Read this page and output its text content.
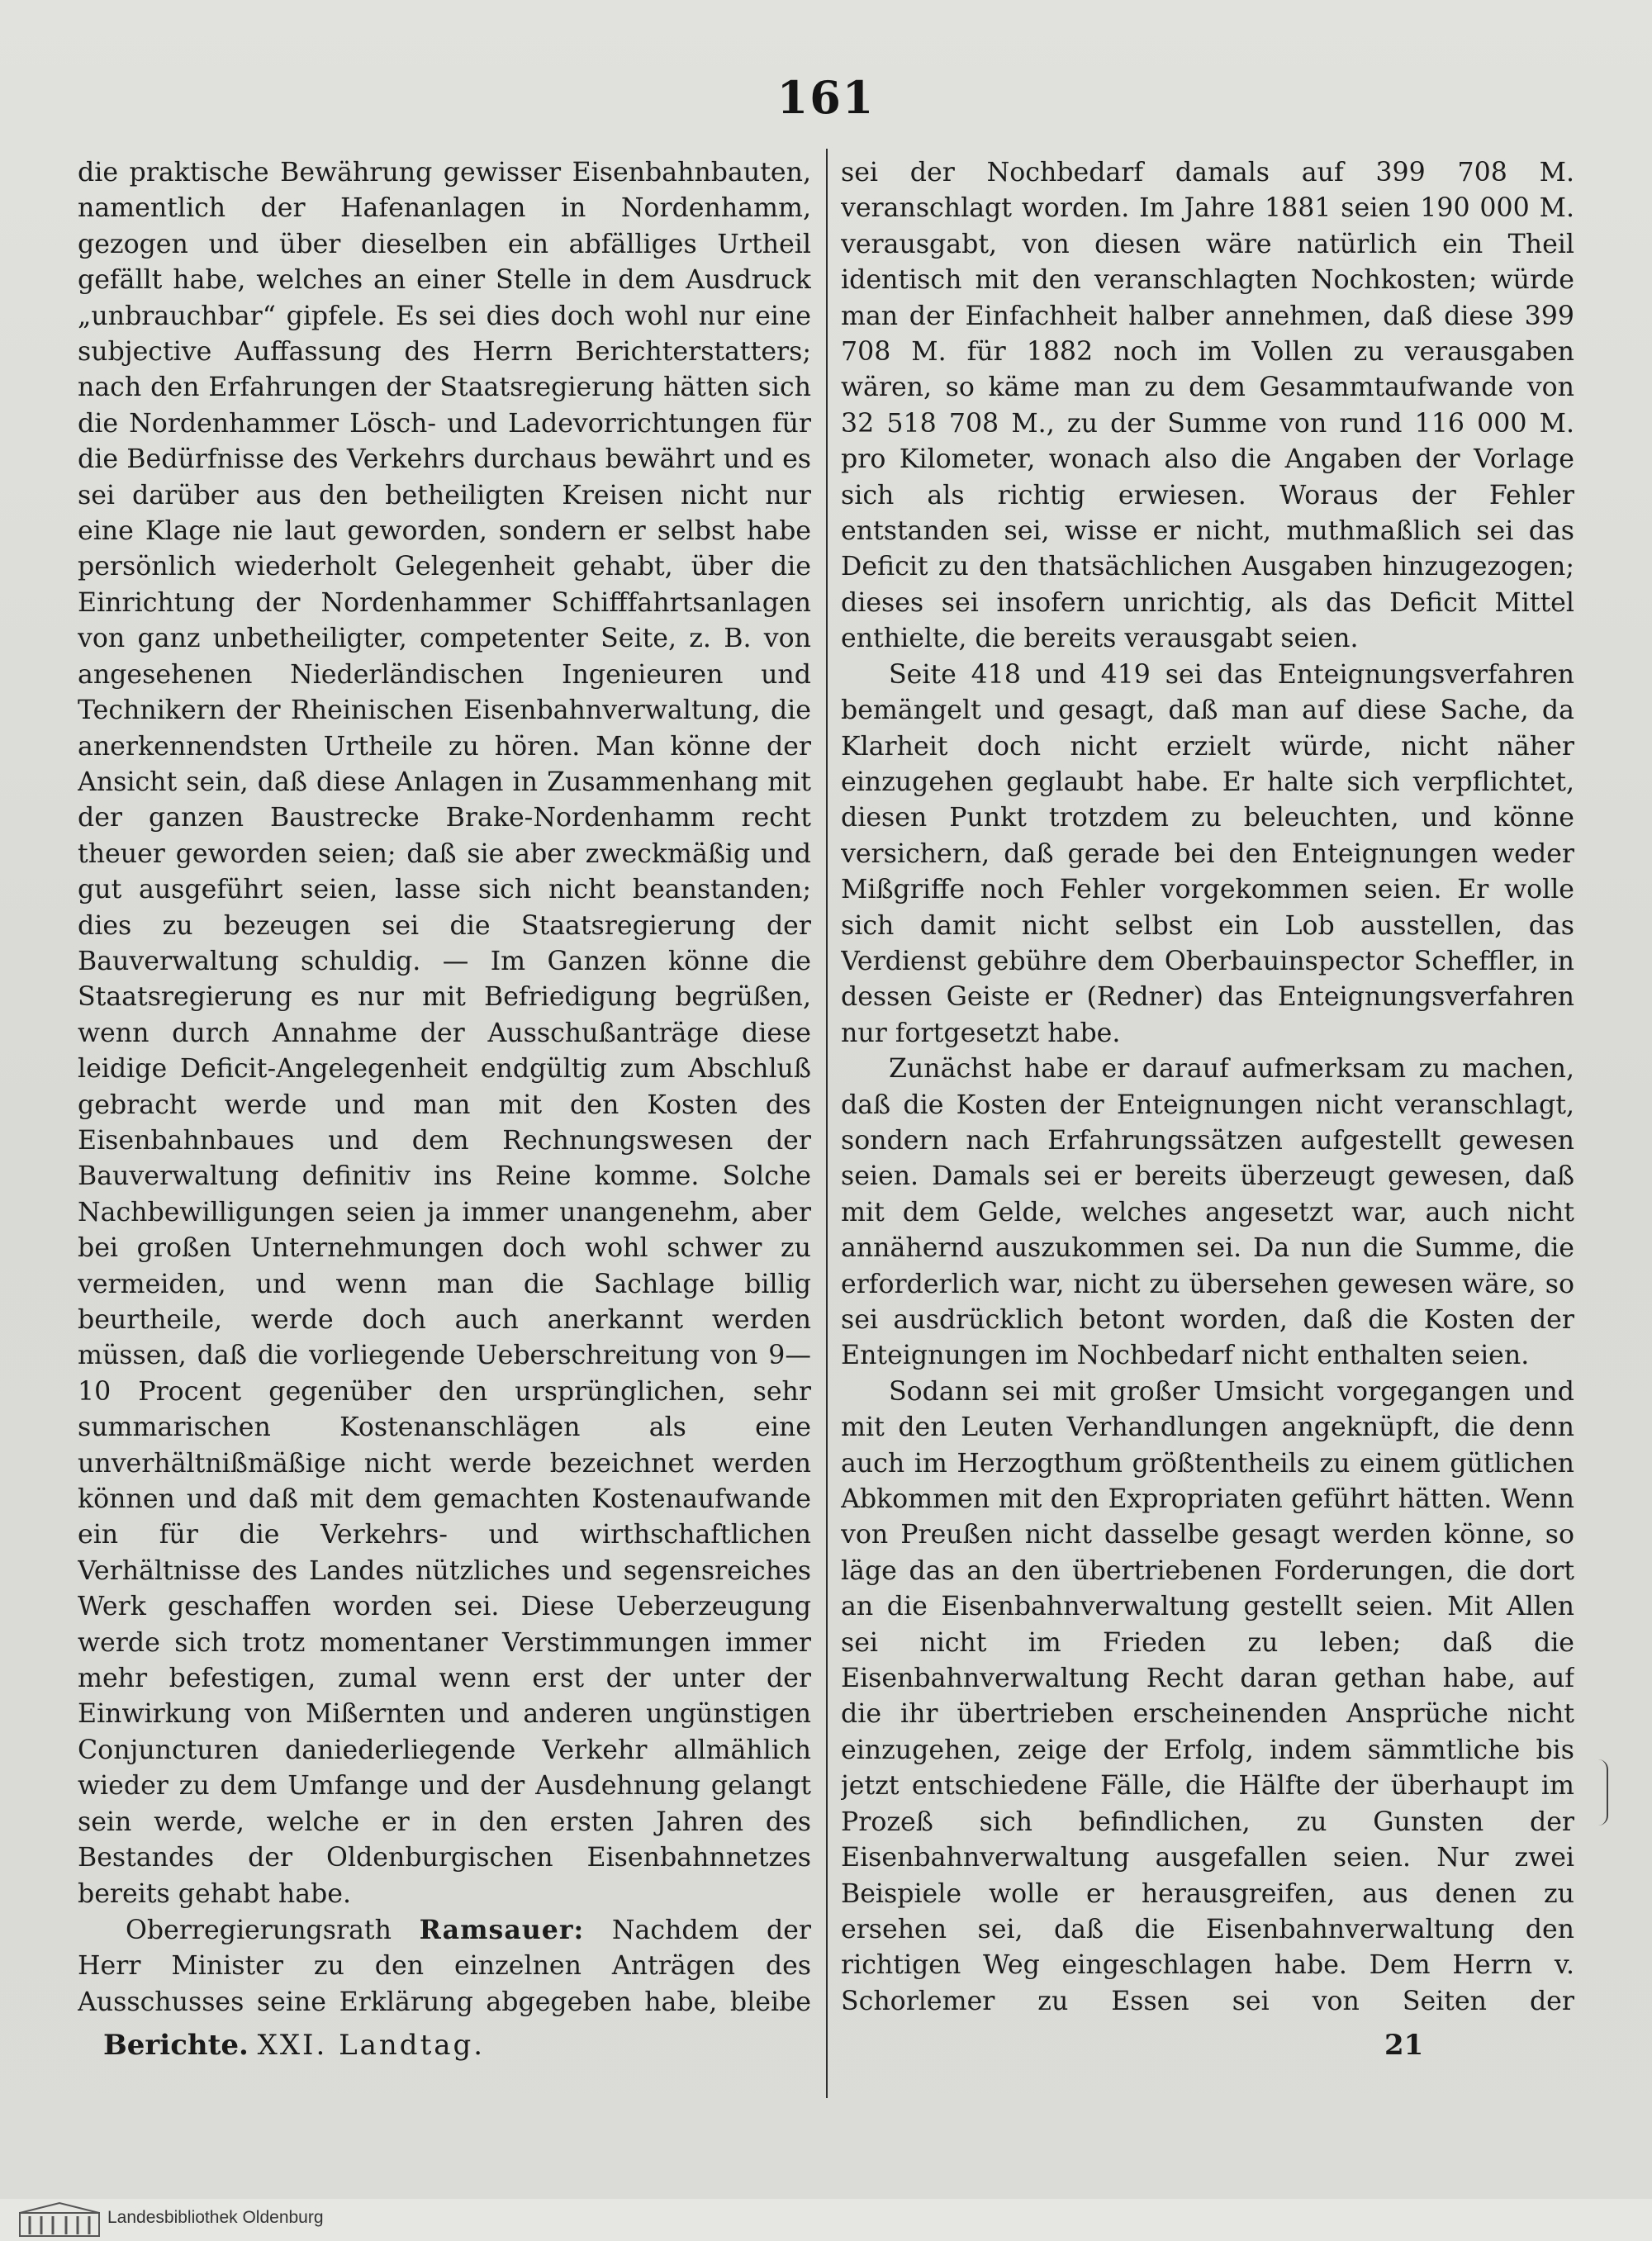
161

die praktische Bewährung gewisser Eisenbahnbauten, namentlich der Hafenanlagen in Nordenhamm, gezogen und über dieselben ein abfälliges Urtheil gefällt habe, welches an einer Stelle in dem Ausdruck „unbrauchbar“ gipfele. Es sei dies doch wohl nur eine subjective Auffassung des Herrn Berichterstatters; nach den Erfahrungen der Staatsregierung hätten sich die Nordenhammer Lösch- und Ladevorrichtungen für die Bedürfnisse des Verkehrs durchaus bewährt und es sei darüber aus den betheiligten Kreisen nicht nur eine Klage nie laut geworden, sondern er selbst habe persönlich wiederholt Gelegenheit gehabt, über die Einrichtung der Nordenhammer Schifffahrtsanlagen von ganz unbetheiligter, competenter Seite, z. B. von angesehenen Niederländischen Ingenieuren und Technikern der Rheinischen Eisenbahnverwaltung, die anerkennendsten Urtheile zu hören. Man könne der Ansicht sein, daß diese Anlagen in Zusammenhang mit der ganzen Baustrecke Brake-Nordenhamm recht theuer geworden seien; daß sie aber zweckmäßig und gut ausgeführt seien, lasse sich nicht beanstanden; dies zu bezeugen sei die Staatsregierung der Bauverwaltung schuldig. — Im Ganzen könne die Staatsregierung es nur mit Befriedigung begrüßen, wenn durch Annahme der Ausschußanträge diese leidige Deficit-Angelegenheit endgültig zum Abschluß gebracht werde und man mit den Kosten des Eisenbahnbaues und dem Rechnungswesen der Bauverwaltung definitiv ins Reine komme. Solche Nachbewilligungen seien ja immer unangenehm, aber bei großen Unternehmungen doch wohl schwer zu vermeiden, und wenn man die Sachlage billig beurtheile, werde doch auch anerkannt werden müssen, daß die vorliegende Ueberschreitung von 9—10 Procent gegenüber den ursprünglichen, sehr summarischen Kostenanschlägen als eine unverhältnißmäßige nicht werde bezeichnet werden können und daß mit dem gemachten Kostenaufwande ein für die Verkehrs- und wirthschaftlichen Verhältnisse des Landes nützliches und segensreiches Werk geschaffen worden sei. Diese Ueberzeugung werde sich trotz momentaner Verstimmungen immer mehr befestigen, zumal wenn erst der unter der Einwirkung von Mißernten und anderen ungünstigen Conjuncturen daniederliegende Verkehr allmählich wieder zu dem Umfange und der Ausdehnung gelangt sein werde, welche er in den ersten Jahren des Bestandes der Oldenburgischen Eisenbahnnetzes bereits gehabt habe.

Oberregierungsrath Ramsauer: Nachdem der Herr Minister zu den einzelnen Anträgen des Ausschusses seine Erklärung abgegeben habe, bleibe

sei der Nochbedarf damals auf 399 708 M. veranschlagt worden. Im Jahre 1881 seien 190 000 M. verausgabt, von diesen wäre natürlich ein Theil identisch mit den veranschlagten Nochkosten; würde man der Einfachheit halber annehmen, daß diese 399 708 M. für 1882 noch im Vollen zu verausgaben wären, so käme man zu dem Gesammtaufwande von 32 518 708 M., zu der Summe von rund 116 000 M. pro Kilometer, wonach also die Angaben der Vorlage sich als richtig erwiesen. Woraus der Fehler entstanden sei, wisse er nicht, muthmaßlich sei das Deficit zu den thatsächlichen Ausgaben hinzugezogen; dieses sei insofern unrichtig, als das Deficit Mittel enthielte, die bereits verausgabt seien.

Seite 418 und 419 sei das Enteignungsverfahren bemängelt und gesagt, daß man auf diese Sache, da Klarheit doch nicht erzielt würde, nicht näher einzugehen geglaubt habe. Er halte sich verpflichtet, diesen Punkt trotzdem zu beleuchten, und könne versichern, daß gerade bei den Enteignungen weder Mißgriffe noch Fehler vorgekommen seien. Er wolle sich damit nicht selbst ein Lob ausstellen, das Verdienst gebühre dem Oberbauinspector Scheffler, in dessen Geiste er (Redner) das Enteignungsverfahren nur fortgesetzt habe.

Zunächst habe er darauf aufmerksam zu machen, daß die Kosten der Enteignungen nicht veranschlagt, sondern nach Erfahrungssätzen aufgestellt gewesen seien. Damals sei er bereits überzeugt gewesen, daß mit dem Gelde, welches angesetzt war, auch nicht annähernd auszukommen sei. Da nun die Summe, die erforderlich war, nicht zu übersehen gewesen wäre, so sei ausdrücklich betont worden, daß die Kosten der Enteignungen im Nochbedarf nicht enthalten seien.

Sodann sei mit großer Umsicht vorgegangen und mit den Leuten Verhandlungen angeknüpft, die denn auch im Herzogthum größtentheils zu einem gütlichen Abkommen mit den Expropriaten geführt hätten. Wenn von Preußen nicht dasselbe gesagt werden könne, so läge das an den übertriebenen Forderungen, die dort an die Eisenbahnverwaltung gestellt seien. Mit Allen sei nicht im Frieden zu leben; daß die Eisenbahnverwaltung Recht daran gethan habe, auf die ihr übertrieben erscheinenden Ansprüche nicht einzugehen, zeige der Erfolg, indem sämmtliche bis jetzt entschiedene Fälle, die Hälfte der überhaupt im Prozeß sich befindlichen, zu Gunsten der Eisenbahnverwaltung ausgefallen seien. Nur zwei Beispiele wolle er herausgreifen, aus denen zu ersehen sei, daß die Eisenbahnverwaltung den richtigen Weg eingeschlagen habe. Dem Herrn v. Schorlemer zu Essen sei von Seiten der

Berichte. XXI. Landtag.	21
Landesbibliothek Oldenburg
